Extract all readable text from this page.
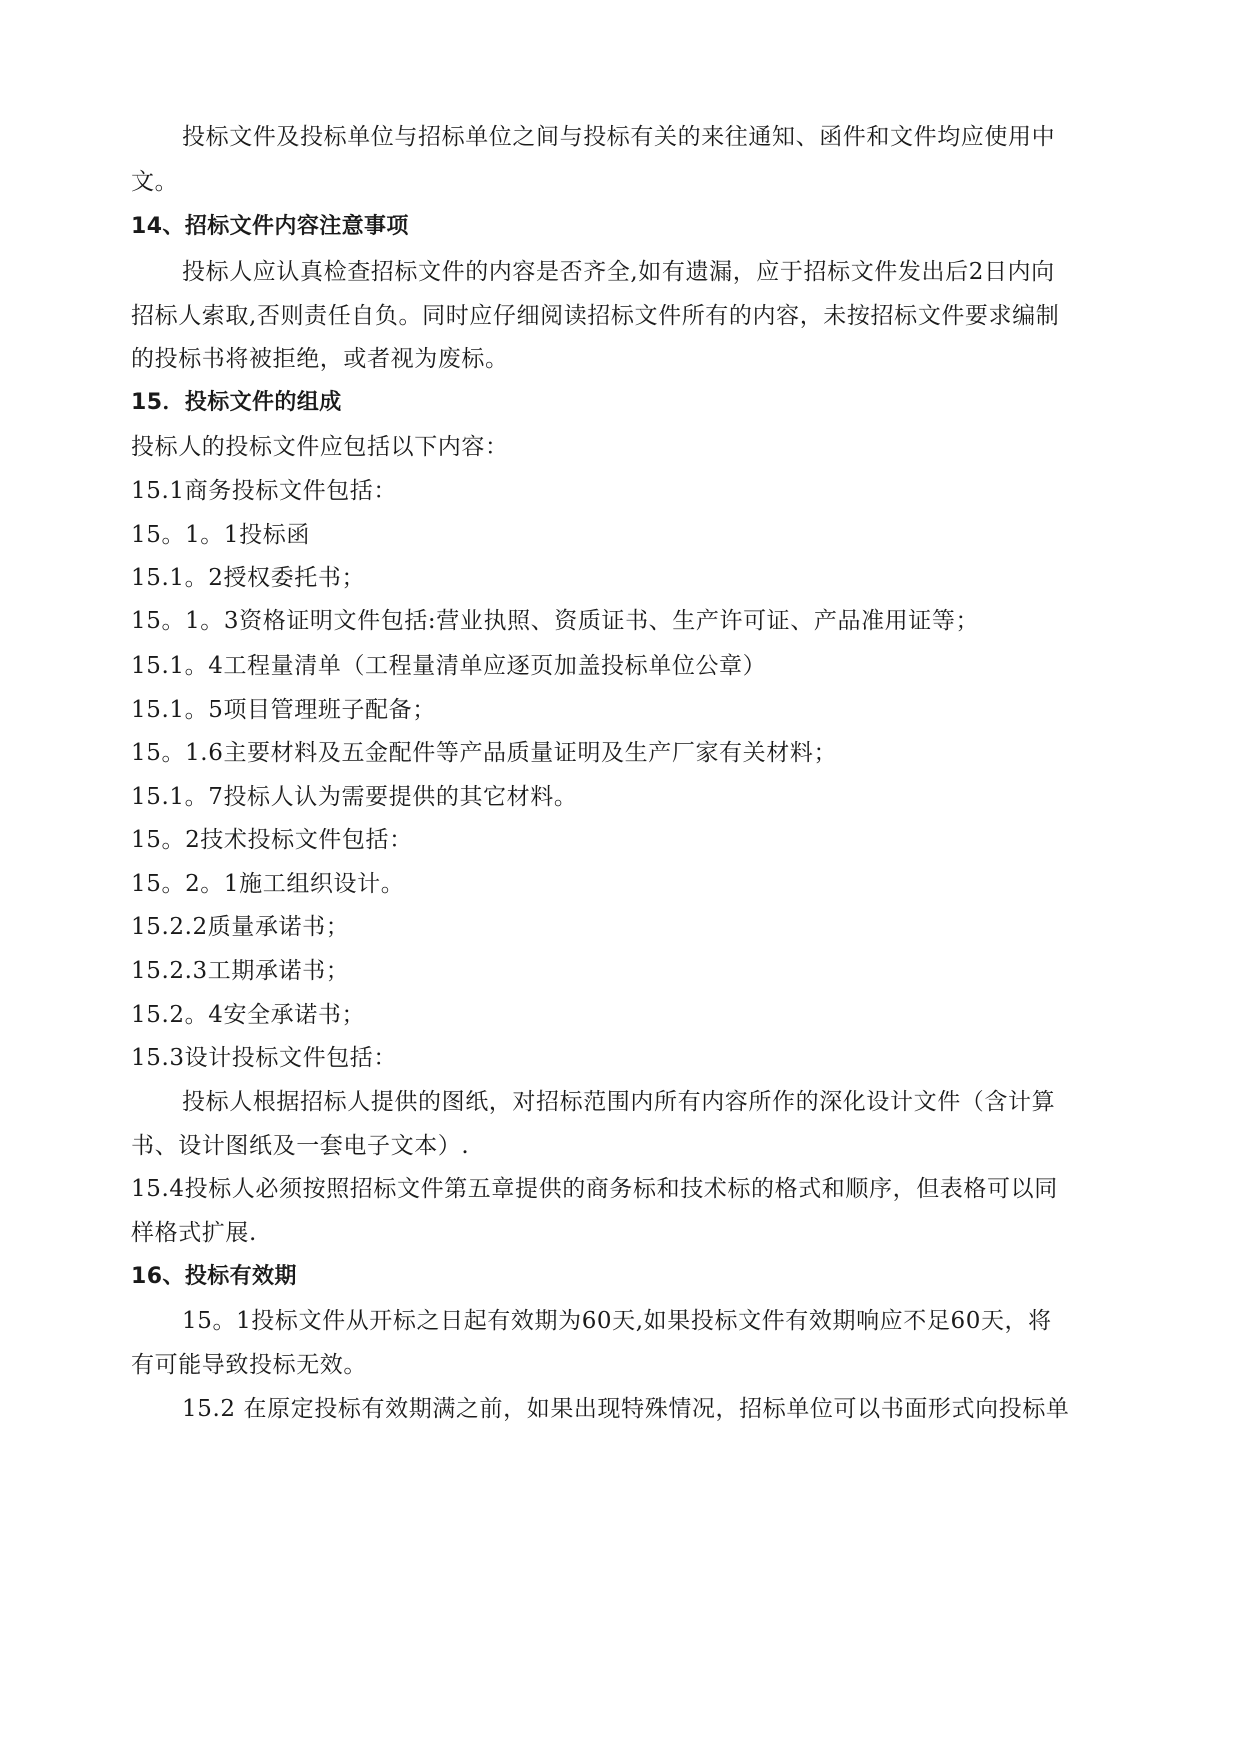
投标文件及投标单位与招标单位之间与投标有关的来往通知、函件和文件均应使用中
文。
14、招标文件内容注意事项
投标人应认真检查招标文件的内容是否齐全,如有遗漏，应于招标文件发出后2日内向
招标人索取,否则责任自负。同时应仔细阅读招标文件所有的内容，未按招标文件要求编制
的投标书将被拒绝，或者视为废标。
15．投标文件的组成
投标人的投标文件应包括以下内容：
15.1商务投标文件包括：
15。1。1投标函
15.1。2授权委托书；
15。1。3资格证明文件包括:营业执照、资质证书、生产许可证、产品准用证等；
15.1。4工程量清单（工程量清单应逐页加盖投标单位公章）
15.1。5项目管理班子配备；
15。1.6主要材料及五金配件等产品质量证明及生产厂家有关材料；
15.1。7投标人认为需要提供的其它材料。
15。2技术投标文件包括：
15。2。1施工组织设计。
15.2.2质量承诺书；
15.2.3工期承诺书；
15.2。4安全承诺书；
15.3设计投标文件包括：
投标人根据招标人提供的图纸，对招标范围内所有内容所作的深化设计文件（含计算
书、设计图纸及一套电子文本）.
15.4投标人必须按照招标文件第五章提供的商务标和技术标的格式和顺序，但表格可以同
样格式扩展.
16、投标有效期
15。1投标文件从开标之日起有效期为60天,如果投标文件有效期响应不足60天，将
有可能导致投标无效。
15.2 在原定投标有效期满之前，如果出现特殊情况，招标单位可以书面形式向投标单
